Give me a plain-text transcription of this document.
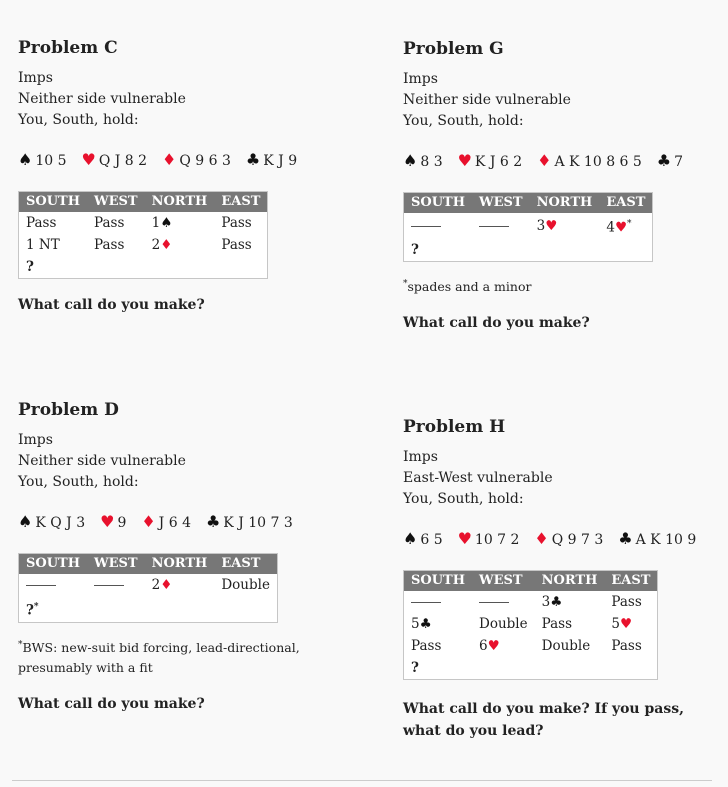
Problem C
Imps
Neither side vulnerable
You, South, hold:
♠ 10 5 ♥ Q J 8 2 ♦ Q 9 6 3 ♣ K J 9
SOUTH	WEST	NORTH	EAST
Pass	Pass	1♠	Pass
1 NT	Pass	2♦	Pass
?			
What call do you make?
Problem G
Imps
Neither side vulnerable
You, South, hold:
♠ 8 3 ♥ K J 6 2 ♦ A K 10 8 6 5 ♣ 7
SOUTH	WEST	NORTH	EAST
		3♥	4♥*
?			
*spades and a minor
What call do you make?
Problem D
Imps
Neither side vulnerable
You, South, hold:
♠ K Q J 3 ♥ 9 ♦ J 6 4 ♣ K J 10 7 3
SOUTH	WEST	NORTH	EAST
		2♦	Double
?*			
*BWS: new-suit bid forcing, lead-directional, presumably with a fit
What call do you make?
Problem H
Imps
East-West vulnerable
You, South, hold:
♠ 6 5 ♥ 10 7 2 ♦ Q 9 7 3 ♣ A K 10 9
SOUTH	WEST	NORTH	EAST
		3♣	Pass
5♣	Double	Pass	5♥
Pass	6♥	Double	Pass
?			
What call do you make? If you pass, what do you lead?
